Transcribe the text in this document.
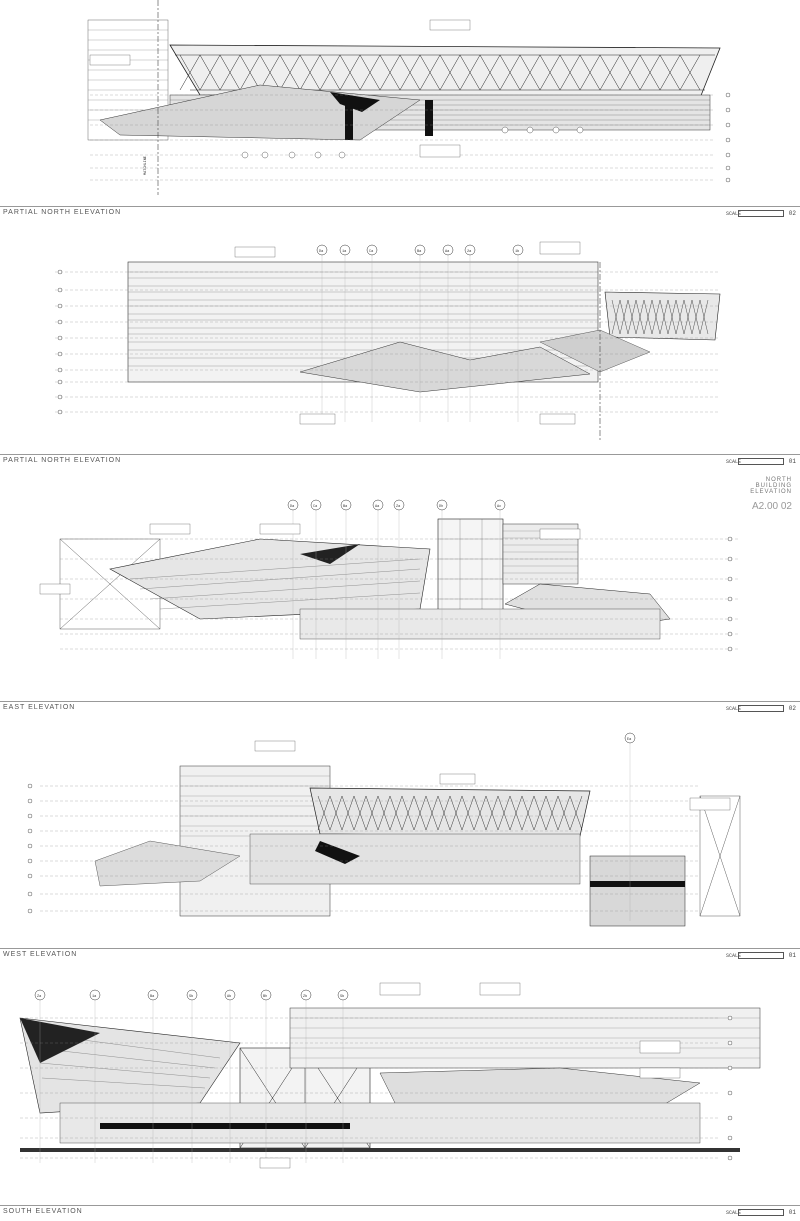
MATCHLINE
PARTIAL NORTH ELEVATION	SCALE	02
Da	1a	Ca	Ba	Aa	2a	1b
PARTIAL NORTH ELEVATION	SCALE	01
Da	Ca	Ba	Aa	Za	Dh	Ac
NORTH
BUILDING
ELEVATION
A2.00 02
EAST ELEVATION	SCALE	02
Ea
WEST ELEVATION	SCALE	01
Za	1a	Ba	Sb	Ab	Bh	Zb	Sb
SOUTH ELEVATION	SCALE	01
